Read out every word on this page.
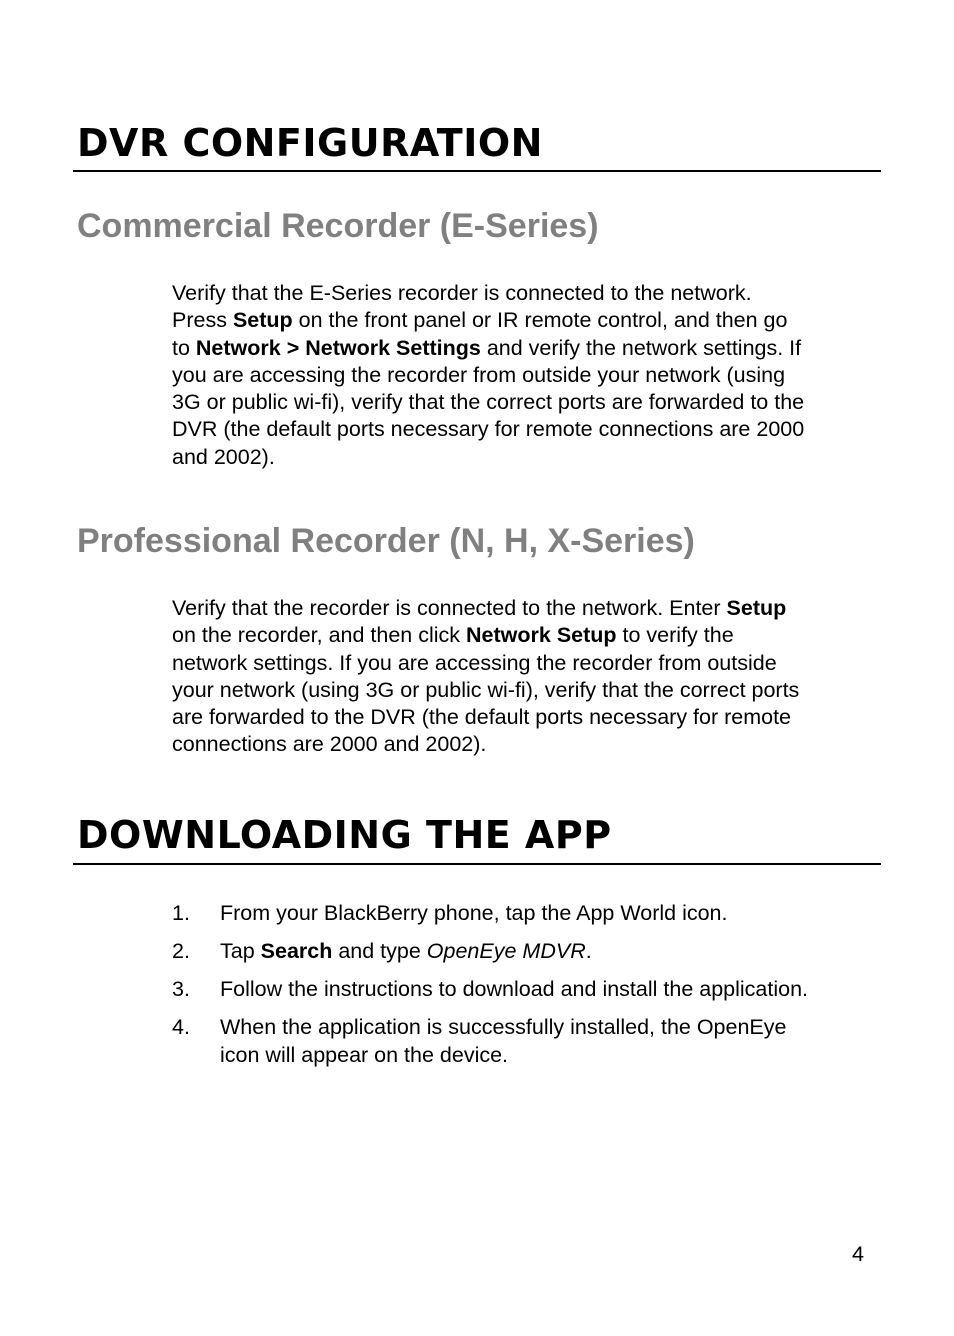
DVR CONFIGURATION
Commercial Recorder (E-Series)

Verify that the E-Series recorder is connected to the network.
Press Setup on the front panel or IR remote control, and then go
to Network > Network Settings and verify the network settings. If
you are accessing the recorder from outside your network (using
3G or public wi-fi), verify that the correct ports are forwarded to the
DVR (the default ports necessary for remote connections are 2000
and 2002).

Professional Recorder (N, H, X-Series)

Verify that the recorder is connected to the network. Enter Setup
on the recorder, and then click Network Setup to verify the
network settings. If you are accessing the recorder from outside
your network (using 3G or public wi-fi), verify that the correct ports
are forwarded to the DVR (the default ports necessary for remote
connections are 2000 and 2002).

DOWNLOADING THE APP
1.	From your BlackBerry phone, tap the App World icon.
2.	Tap Search and type OpenEye MDVR.
3.	Follow the instructions to download and install the application.
4.	When the application is successfully installed, the OpenEye
icon will appear on the device.
4
